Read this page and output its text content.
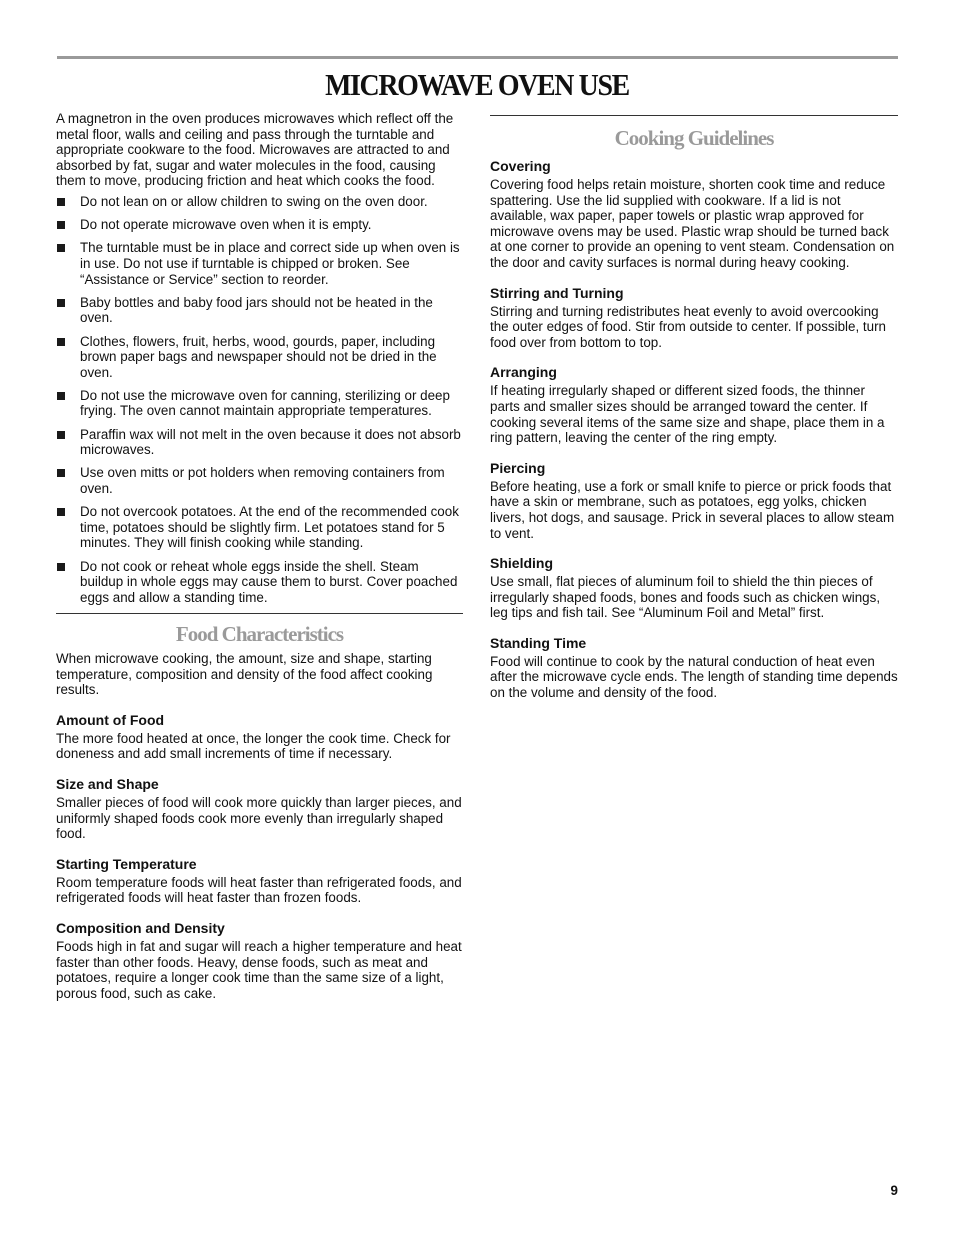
MICROWAVE OVEN USE

A magnetron in the oven produces microwaves which reflect off the metal floor, walls and ceiling and pass through the turntable and appropriate cookware to the food. Microwaves are attracted to and absorbed by fat, sugar and water molecules in the food, causing them to move, producing friction and heat which cooks the food.

Do not lean on or allow children to swing on the oven door.
Do not operate microwave oven when it is empty.
The turntable must be in place and correct side up when oven is in use. Do not use if turntable is chipped or broken. See “Assistance or Service” section to reorder.
Baby bottles and baby food jars should not be heated in the oven.
Clothes, flowers, fruit, herbs, wood, gourds, paper, including brown paper bags and newspaper should not be dried in the oven.
Do not use the microwave oven for canning, sterilizing or deep frying. The oven cannot maintain appropriate temperatures.
Paraffin wax will not melt in the oven because it does not absorb microwaves.
Use oven mitts or pot holders when removing containers from oven.
Do not overcook potatoes. At the end of the recommended cook time, potatoes should be slightly firm. Let potatoes stand for 5 minutes. They will finish cooking while standing.
Do not cook or reheat whole eggs inside the shell. Steam buildup in whole eggs may cause them to burst. Cover poached eggs and allow a standing time.
Food Characteristics

When microwave cooking, the amount, size and shape, starting temperature, composition and density of the food affect cooking results.

Amount of Food

The more food heated at once, the longer the cook time. Check for doneness and add small increments of time if necessary.

Size and Shape

Smaller pieces of food will cook more quickly than larger pieces, and uniformly shaped foods cook more evenly than irregularly shaped food.

Starting Temperature

Room temperature foods will heat faster than refrigerated foods, and refrigerated foods will heat faster than frozen foods.

Composition and Density

Foods high in fat and sugar will reach a higher temperature and heat faster than other foods. Heavy, dense foods, such as meat and potatoes, require a longer cook time than the same size of a light, porous food, such as cake.

Cooking Guidelines
Covering

Covering food helps retain moisture, shorten cook time and reduce spattering. Use the lid supplied with cookware. If a lid is not available, wax paper, paper towels or plastic wrap approved for microwave ovens may be used. Plastic wrap should be turned back at one corner to provide an opening to vent steam. Condensation on the door and cavity surfaces is normal during heavy cooking.

Stirring and Turning

Stirring and turning redistributes heat evenly to avoid overcooking the outer edges of food. Stir from outside to center. If possible, turn food over from bottom to top.

Arranging

If heating irregularly shaped or different sized foods, the thinner parts and smaller sizes should be arranged toward the center. If cooking several items of the same size and shape, place them in a ring pattern, leaving the center of the ring empty.

Piercing

Before heating, use a fork or small knife to pierce or prick foods that have a skin or membrane, such as potatoes, egg yolks, chicken livers, hot dogs, and sausage. Prick in several places to allow steam to vent.

Shielding

Use small, flat pieces of aluminum foil to shield the thin pieces of irregularly shaped foods, bones and foods such as chicken wings, leg tips and fish tail. See “Aluminum Foil and Metal” first.

Standing Time

Food will continue to cook by the natural conduction of heat even after the microwave cycle ends. The length of standing time depends on the volume and density of the food.

9
